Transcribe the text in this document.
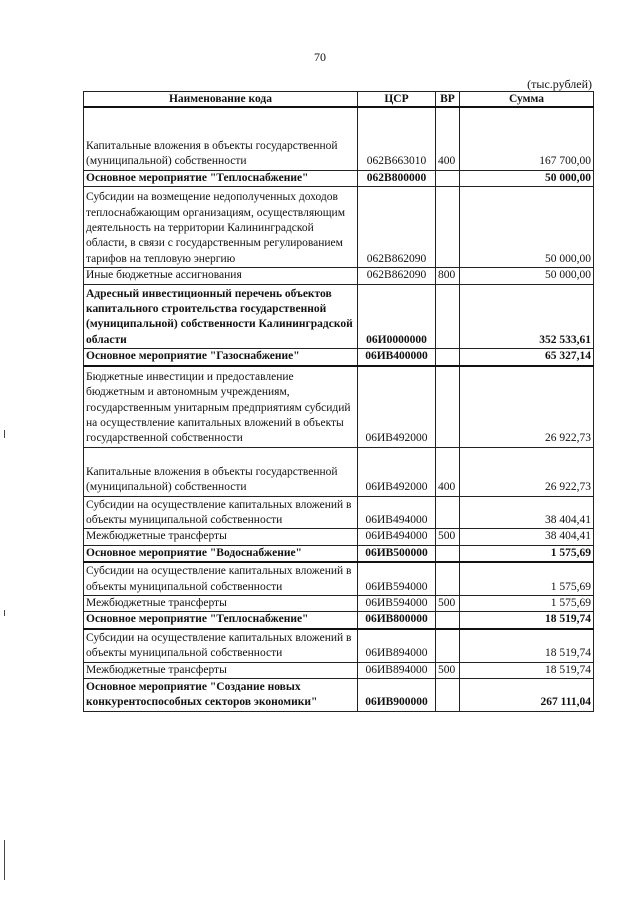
70
(тыс.рублей)
Наименование кода	ЦСР	ВР	Сумма
Капитальные вложения в объекты государственной (муниципальной) собственности	062В663010	400	167 700,00
Основное мероприятие "Теплоснабжение"	062В800000		50 000,00
Субсидии на возмещение недополученных доходов теплоснабжающим организациям, осуществляющим деятельность на территории Калининградской области, в связи с государственным регулированием тарифов на тепловую энергию	062В862090		50 000,00
Иные бюджетные ассигнования	062В862090	800	50 000,00
Адресный инвестиционный перечень объектов капитального строительства государственной (муниципальной) собственности Калининградской области	06И0000000		352 533,61
Основное мероприятие "Газоснабжение"	06ИВ400000		65 327,14
Бюджетные инвестиции и предоставление бюджетным и автономным учреждениям, государственным унитарным предприятиям субсидий на осуществление капитальных вложений в объекты государственной собственности	06ИВ492000		26 922,73
Капитальные вложения в объекты государственной (муниципальной) собственности	06ИВ492000	400	26 922,73
Субсидии на осуществление капитальных вложений в объекты муниципальной собственности	06ИВ494000		38 404,41
Межбюджетные трансферты	06ИВ494000	500	38 404,41
Основное мероприятие "Водоснабжение"	06ИВ500000		1 575,69
Субсидии на осуществление капитальных вложений в объекты муниципальной собственности	06ИВ594000		1 575,69
Межбюджетные трансферты	06ИВ594000	500	1 575,69
Основное мероприятие "Теплоснабжение"	06ИВ800000		18 519,74
Субсидии на осуществление капитальных вложений в объекты муниципальной собственности	06ИВ894000		18 519,74
Межбюджетные трансферты	06ИВ894000	500	18 519,74
Основное мероприятие "Создание новых конкурентоспособных секторов экономики"	06ИВ900000		267 111,04
